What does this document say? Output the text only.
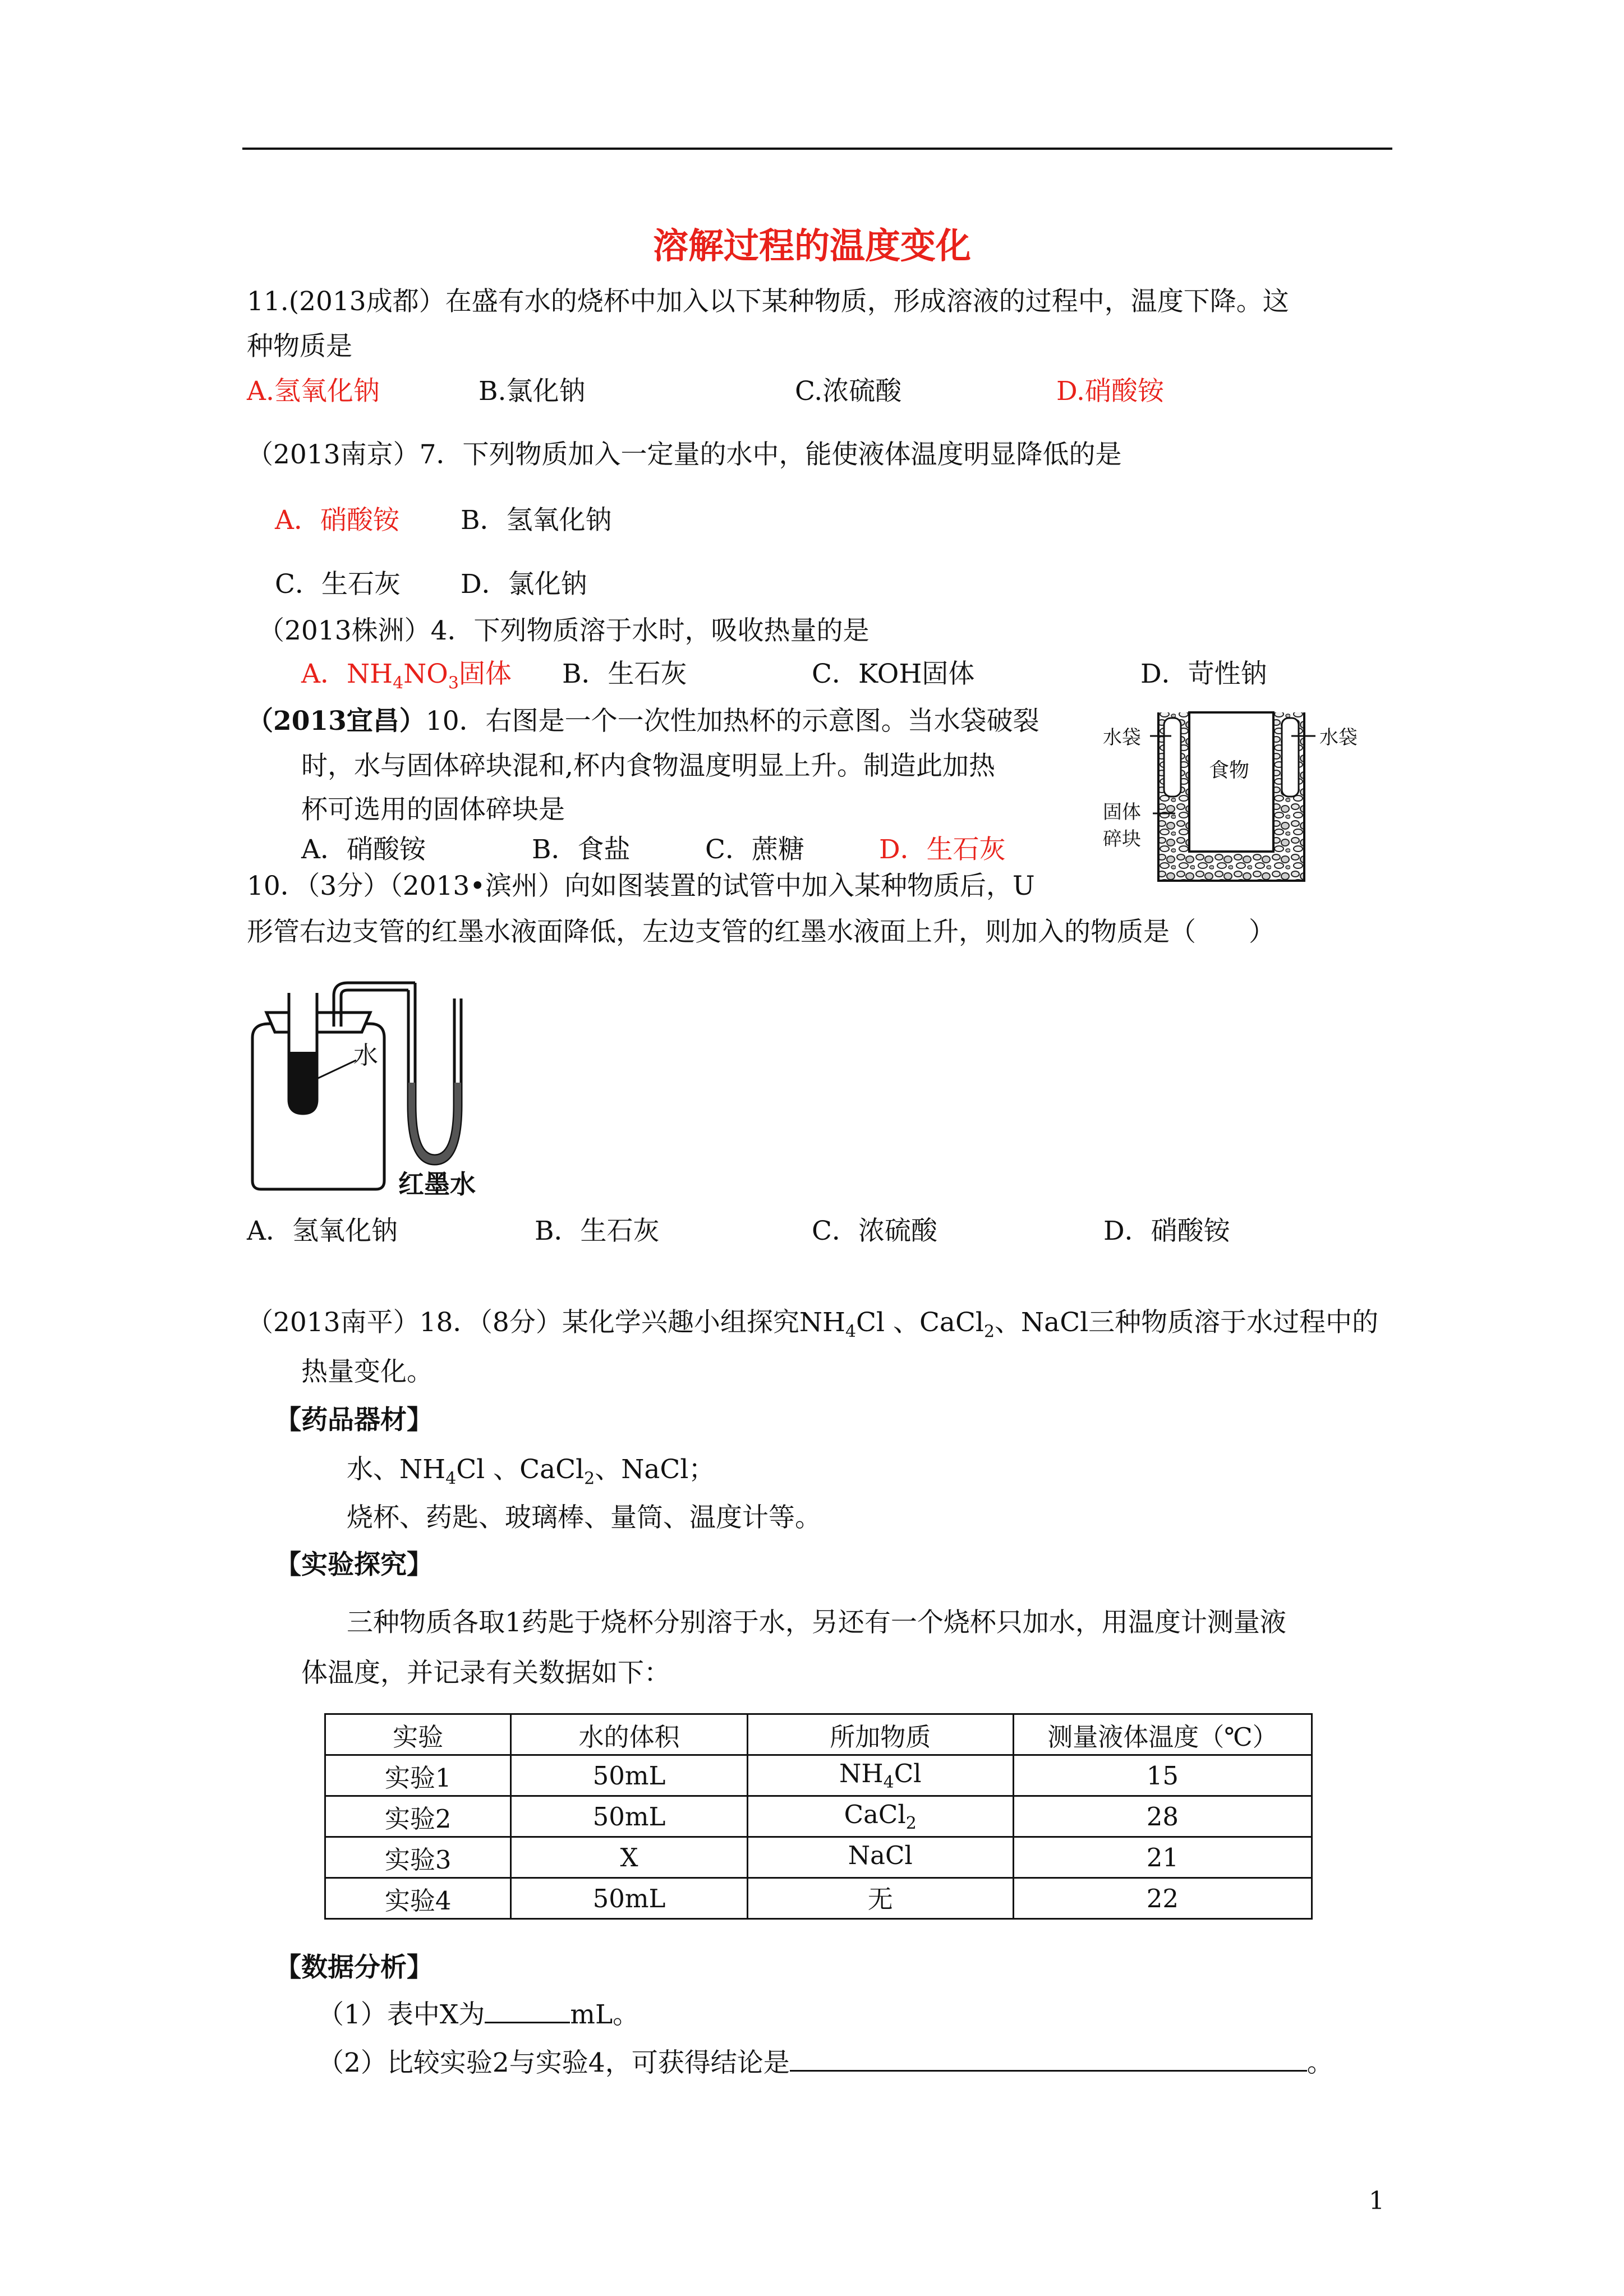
溶解过程的温度变化
11.(2013成都）在盛有水的烧杯中加入以下某种物质，形成溶液的过程中，温度下降。这
种物质是
A.氢氧化钠	B.氯化钠	C.浓硫酸	D.硝酸铵
（2013南京）7．下列物质加入一定量的水中，能使液体温度明显降低的是
A．硝酸铵 B．氢氧化钠
C．生石灰 D．氯化钠
（2013株洲）4．下列物质溶于水时，吸收热量的是
A．$NH_4NO_3$固体 B．生石灰	C．KOH固体	D．苛性钠
（2013宜昌）10．右图是一个一次性加热杯的示意图。当水袋破裂
时，水与固体碎块混和,杯内食物温度明显上升。制造此加热
杯可选用的固体碎块是
A．硝酸铵	B．食盐	C．蔗糖	D．生石灰
水袋	水袋
食物
固体
碎块
10．（3分）（2013•滨州）向如图装置的试管中加入某种物质后，U
形管右边支管的红墨水液面降低，左边支管的红墨水液面上升，则加入的物质是（　　）
水
红墨水
A．氢氧化钠	B．生石灰	C．浓硫酸	D．硝酸铵
（2013南平）18．（8分）某化学兴趣小组探究$NH_4Cl$ 、CaCl$_2$、NaCl三种物质溶于水过程中的
热量变化。
【药品器材】
水、$NH_4Cl$ 、CaCl$_2$、NaCl；
烧杯、药匙、玻璃棒、量筒、温度计等。
【实验探究】
三种物质各取1药匙于烧杯分别溶于水，另还有一个烧杯只加水，用温度计测量液
体温度，并记录有关数据如下：
实验	水的体积	所加物质	测量液体温度（℃）
实验1	50mL	$NH_4Cl$	15
实验2	50mL	CaCl$_2$	28
实验3	X	NaCl	21
实验4	50mL	无	22
【数据分析】
（1）表中X为	mL。
（2）比较实验2与实验4，可获得结论是	。
1
